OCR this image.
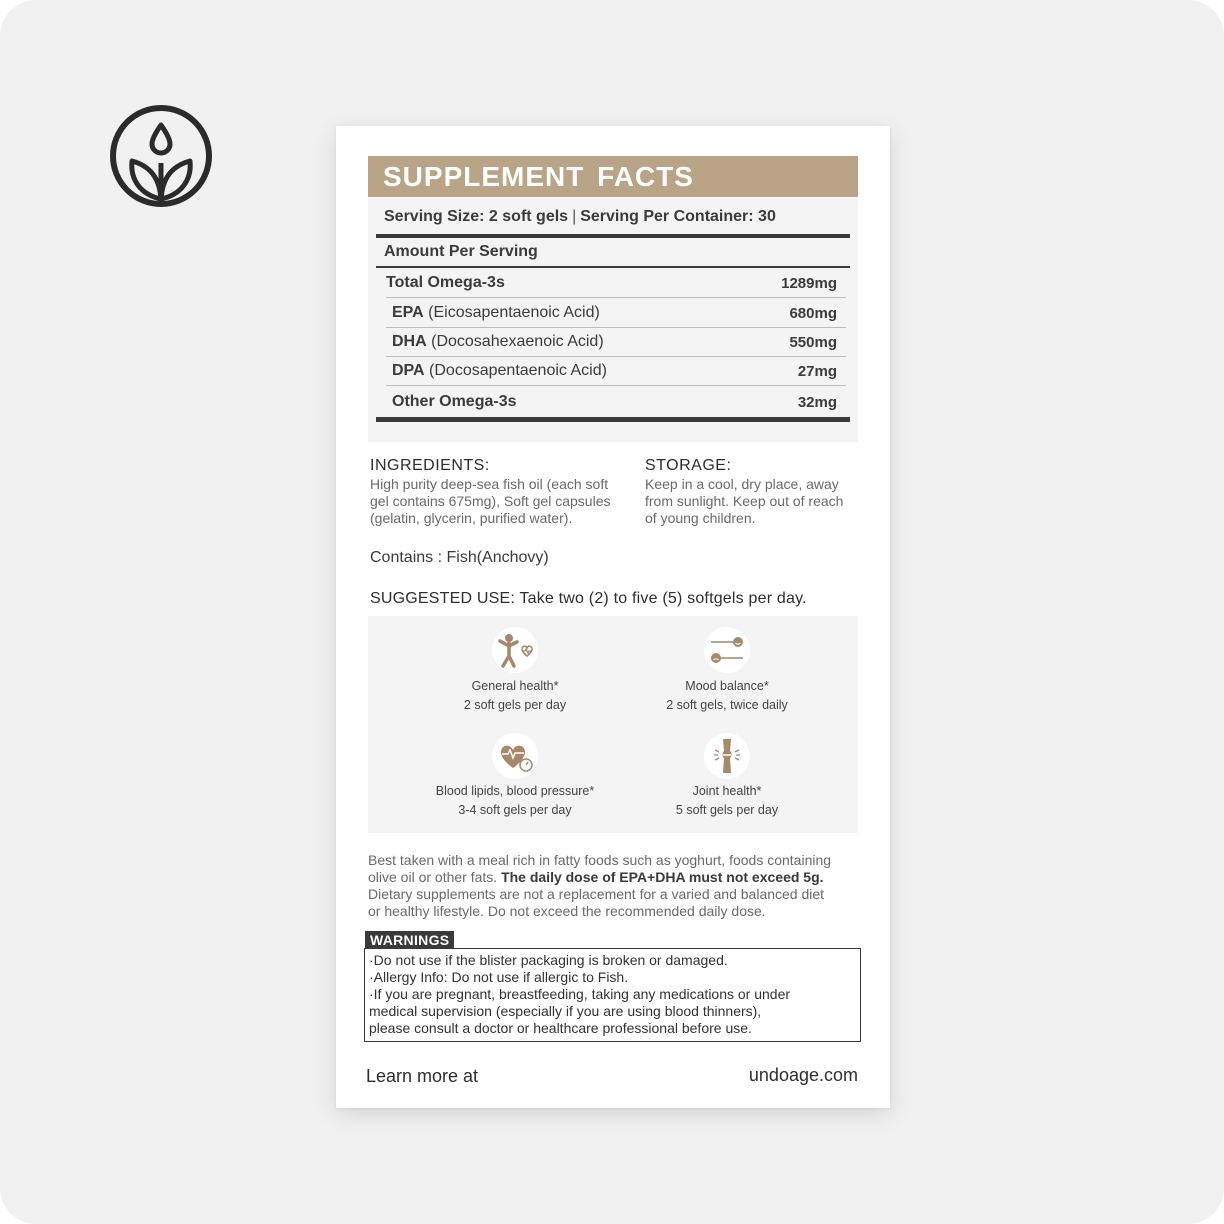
SUPPLEMENT FACTS
Serving Size: 2 soft gels | Serving Per Container: 30
Amount Per Serving
Total Omega-3s	1289mg
EPA (Eicosapentaenoic Acid)	680mg
DHA (Docosahexaenoic Acid)	550mg
DPA (Docosapentaenoic Acid)	27mg
Other Omega-3s	32mg
INGREDIENTS:
High purity deep-sea fish oil (each soft
gel contains 675mg), Soft gel capsules
(gelatin, glycerin, purified water).
STORAGE:
Keep in a cool, dry place, away
from sunlight. Keep out of reach
of young children.
Contains : Fish(Anchovy)
SUGGESTED USE: Take two (2) to five (5) softgels per day.
General health*
2 soft gels per day
Mood balance*
2 soft gels, twice daily
Blood lipids, blood pressure*
3-4 soft gels per day
Joint health*
5 soft gels per day
Best taken with a meal rich in fatty foods such as yoghurt, foods containing
olive oil or other fats. The daily dose of EPA+DHA must not exceed 5g.
Dietary supplements are not a replacement for a varied and balanced diet
or healthy lifestyle. Do not exceed the recommended daily dose.
WARNINGS
·Do not use if the blister packaging is broken or damaged.
·Allergy Info: Do not use if allergic to Fish.
·If you are pregnant, breastfeeding, taking any medications or under
medical supervision (especially if you are using blood thinners),
please consult a doctor or healthcare professional before use.
Learn more at	undoage.com
